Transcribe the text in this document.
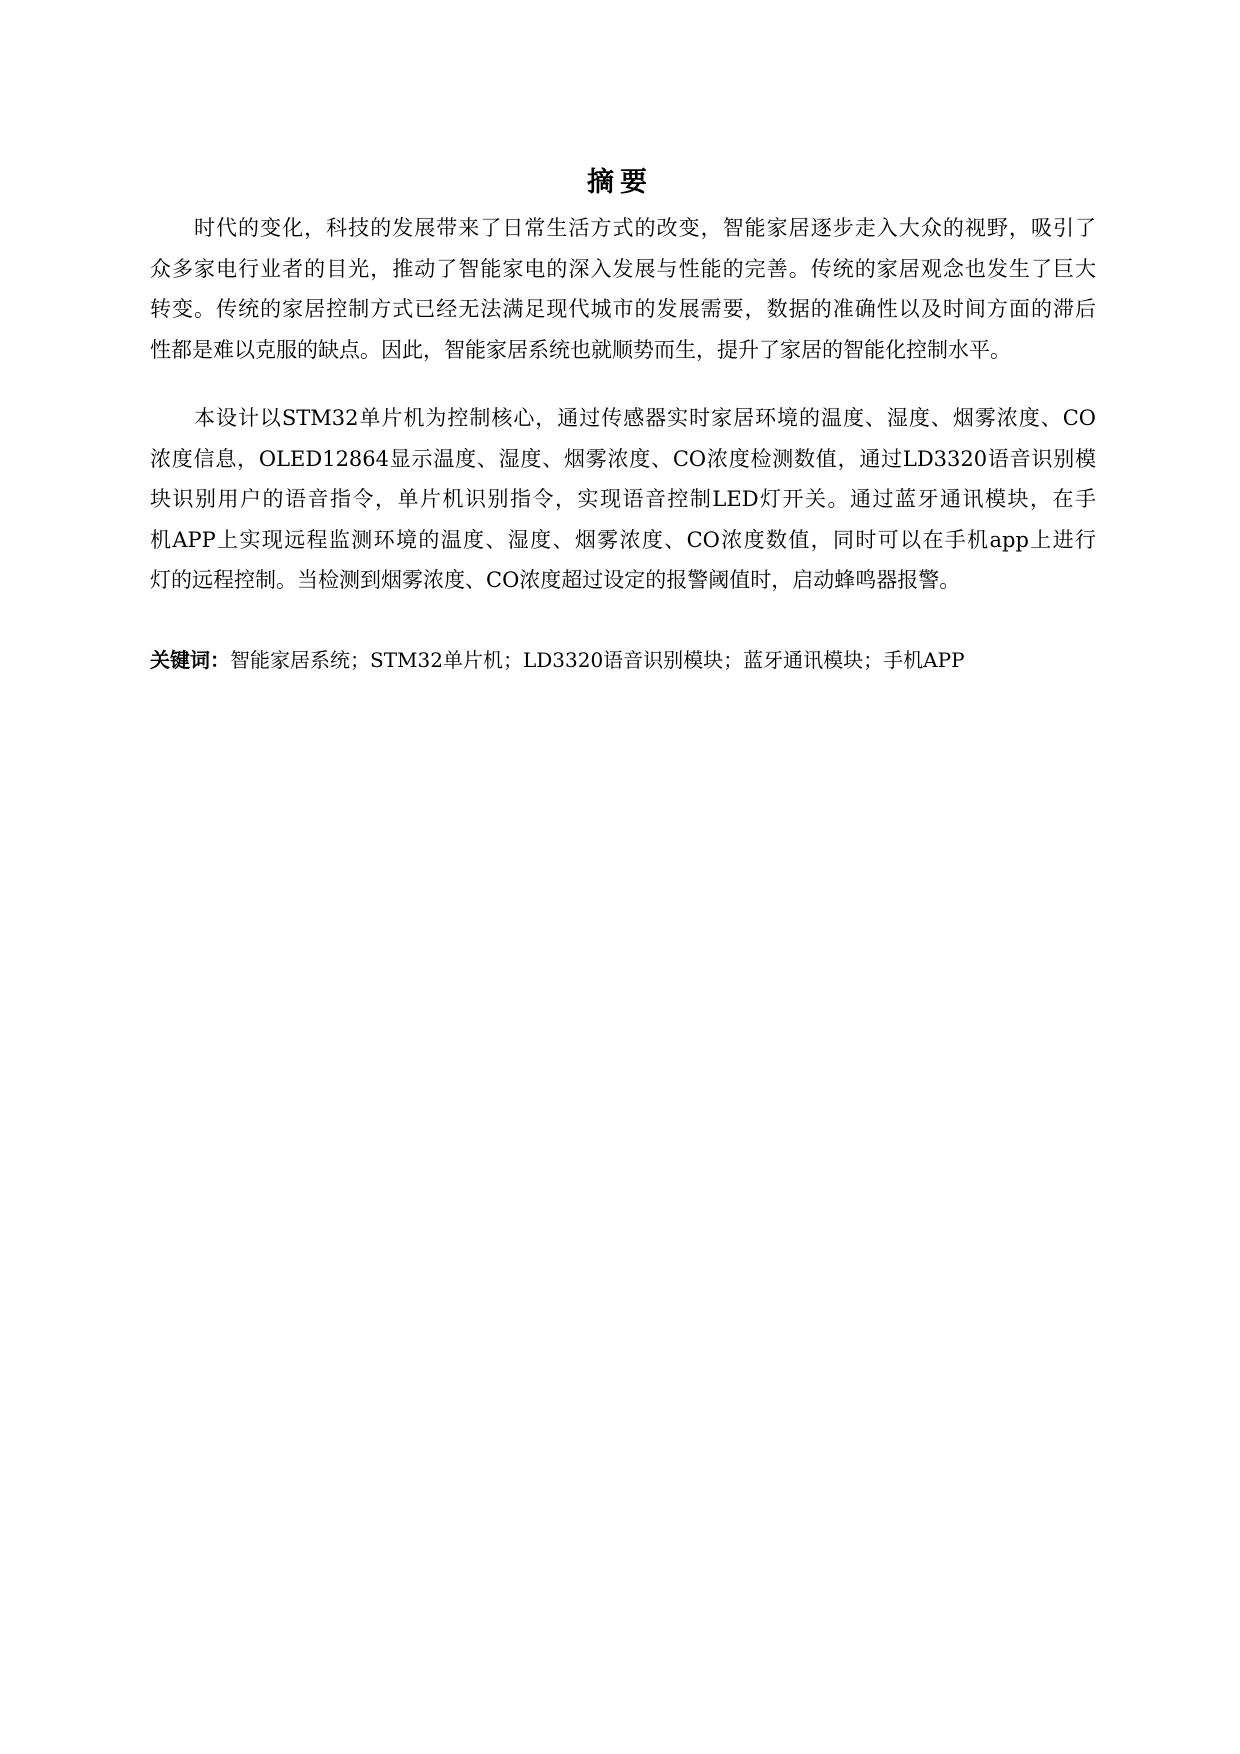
摘要
时代的变化，科技的发展带来了日常生活方式的改变，智能家居逐步走入大众的视野，吸引了
众多家电行业者的目光，推动了智能家电的深入发展与性能的完善。传统的家居观念也发生了巨大
转变。传统的家居控制方式已经无法满足现代城市的发展需要，数据的准确性以及时间方面的滞后
性都是难以克服的缺点。因此，智能家居系统也就顺势而生，提升了家居的智能化控制水平。
本设计以STM32单片机为控制核心，通过传感器实时家居环境的温度、湿度、烟雾浓度、CO
浓度信息，OLED12864显示温度、湿度、烟雾浓度、CO浓度检测数值，通过LD3320语音识别模
块识别用户的语音指令，单片机识别指令，实现语音控制LED灯开关。通过蓝牙通讯模块，在手
机APP上实现远程监测环境的温度、湿度、烟雾浓度、CO浓度数值，同时可以在手机app上进行
灯的远程控制。当检测到烟雾浓度、CO浓度超过设定的报警阈值时，启动蜂鸣器报警。
关键词：智能家居系统；STM32单片机；LD3320语音识别模块；蓝牙通讯模块；手机APP
